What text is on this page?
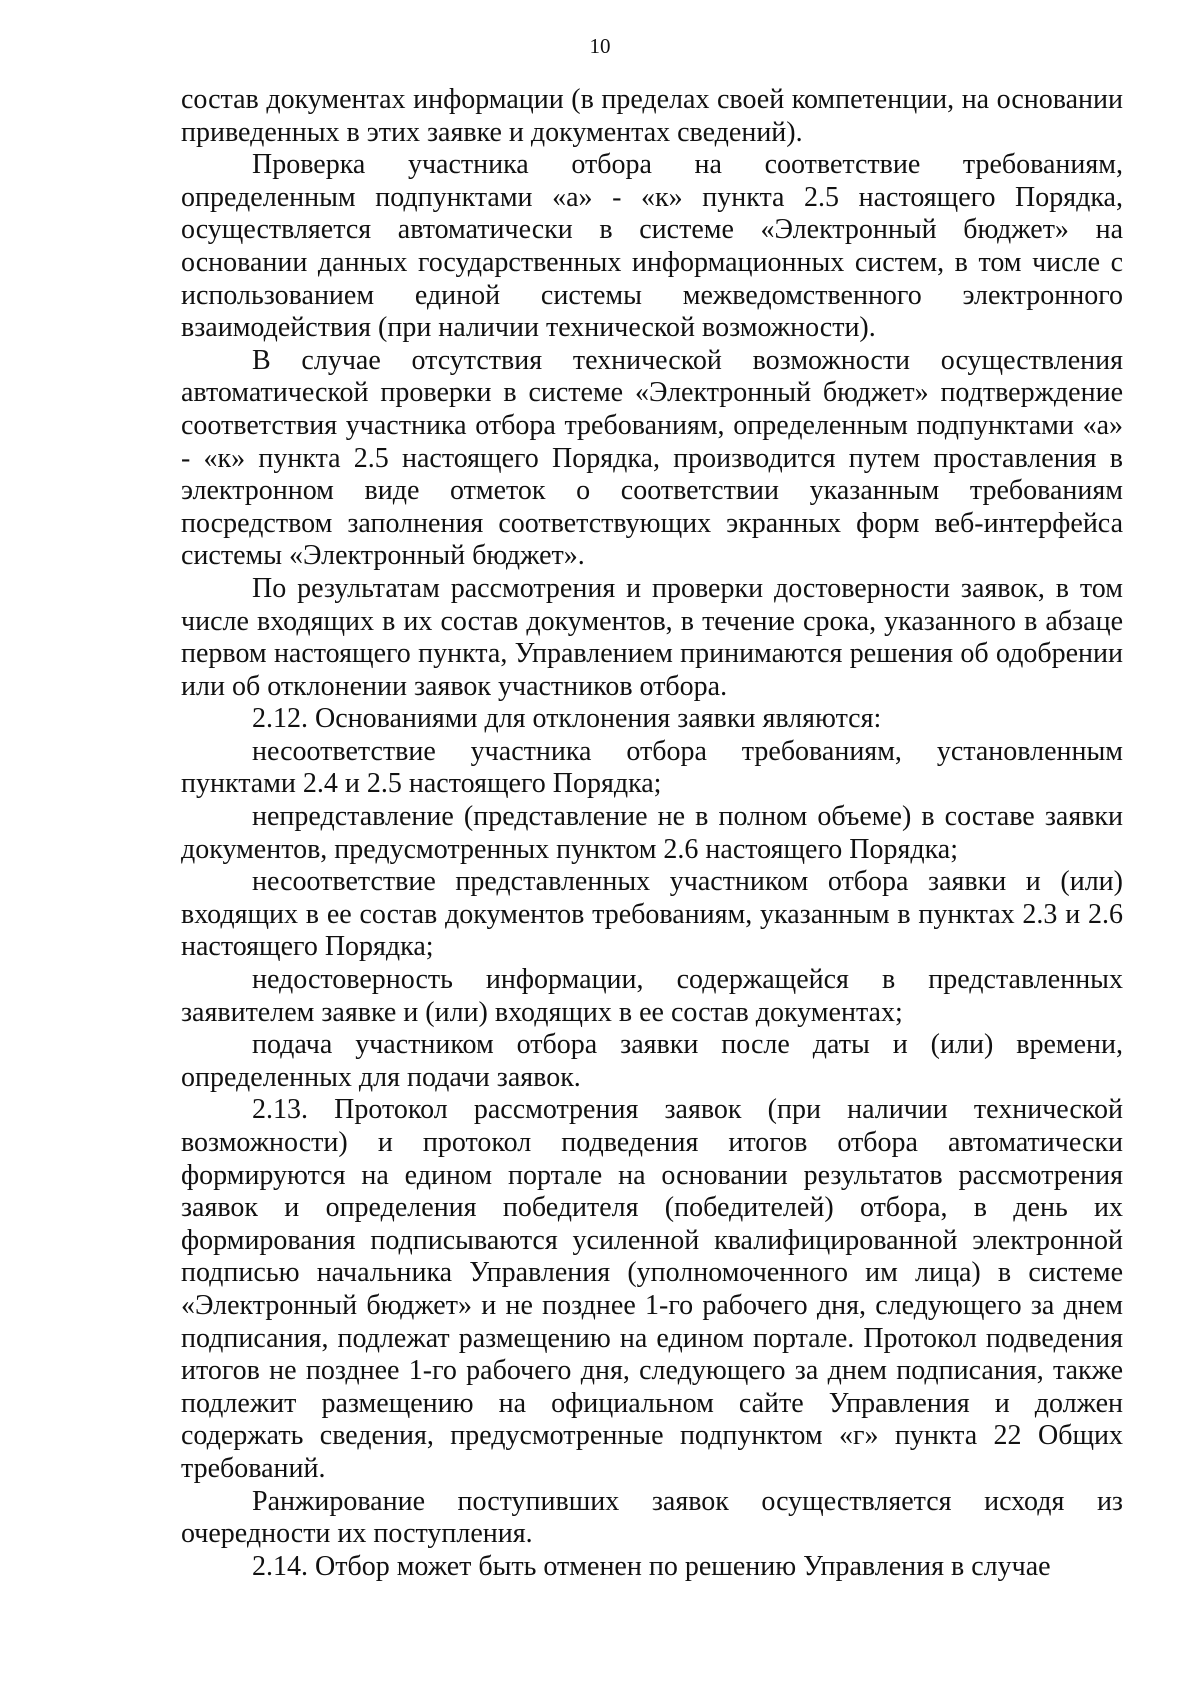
10

состав документах информации (в пределах своей компетенции, на основании приведенных в этих заявке и документах сведений).

Проверка участника отбора на соответствие требованиям, определенным подпунктами «а» - «к» пункта 2.5 настоящего Порядка, осуществляется автоматически в системе «Электронный бюджет» на основании данных государственных информационных систем, в том числе с использованием единой системы межведомственного электронного взаимодействия (при наличии технической возможности).

В случае отсутствия технической возможности осуществления автоматической проверки в системе «Электронный бюджет» подтверждение соответствия участника отбора требованиям, определенным подпунктами «а» - «к» пункта 2.5 настоящего Порядка, производится путем проставления в электронном виде отметок о соответствии указанным требованиям посредством заполнения соответствующих экранных форм веб-интерфейса системы «Электронный бюджет».

По результатам рассмотрения и проверки достоверности заявок, в том числе входящих в их состав документов, в течение срока, указанного в абзаце первом настоящего пункта, Управлением принимаются решения об одобрении или об отклонении заявок участников отбора.

2.12. Основаниями для отклонения заявки являются:

несоответствие участника отбора требованиям, установленным пунктами 2.4 и 2.5 настоящего Порядка;

непредставление (представление не в полном объеме) в составе заявки документов, предусмотренных пунктом 2.6 настоящего Порядка;

несоответствие представленных участником отбора заявки и (или) входящих в ее состав документов требованиям, указанным в пунктах 2.3 и 2.6 настоящего Порядка;

недостоверность информации, содержащейся в представленных заявителем заявке и (или) входящих в ее состав документах;

подача участником отбора заявки после даты и (или) времени, определенных для подачи заявок.

2.13. Протокол рассмотрения заявок (при наличии технической возможности) и протокол подведения итогов отбора автоматически формируются на едином портале на основании результатов рассмотрения заявок и определения победителя (победителей) отбора, в день их формирования подписываются усиленной квалифицированной электронной подписью начальника Управления (уполномоченного им лица) в системе «Электронный бюджет» и не позднее 1-го рабочего дня, следующего за днем подписания, подлежат размещению на едином портале. Протокол подведения итогов не позднее 1-го рабочего дня, следующего за днем подписания, также подлежит размещению на официальном сайте Управления и должен содержать сведения, предусмотренные подпунктом «г» пункта 22 Общих требований.

Ранжирование поступивших заявок осуществляется исходя из очередности их поступления.

2.14. Отбор может быть отменен по решению Управления в случае
